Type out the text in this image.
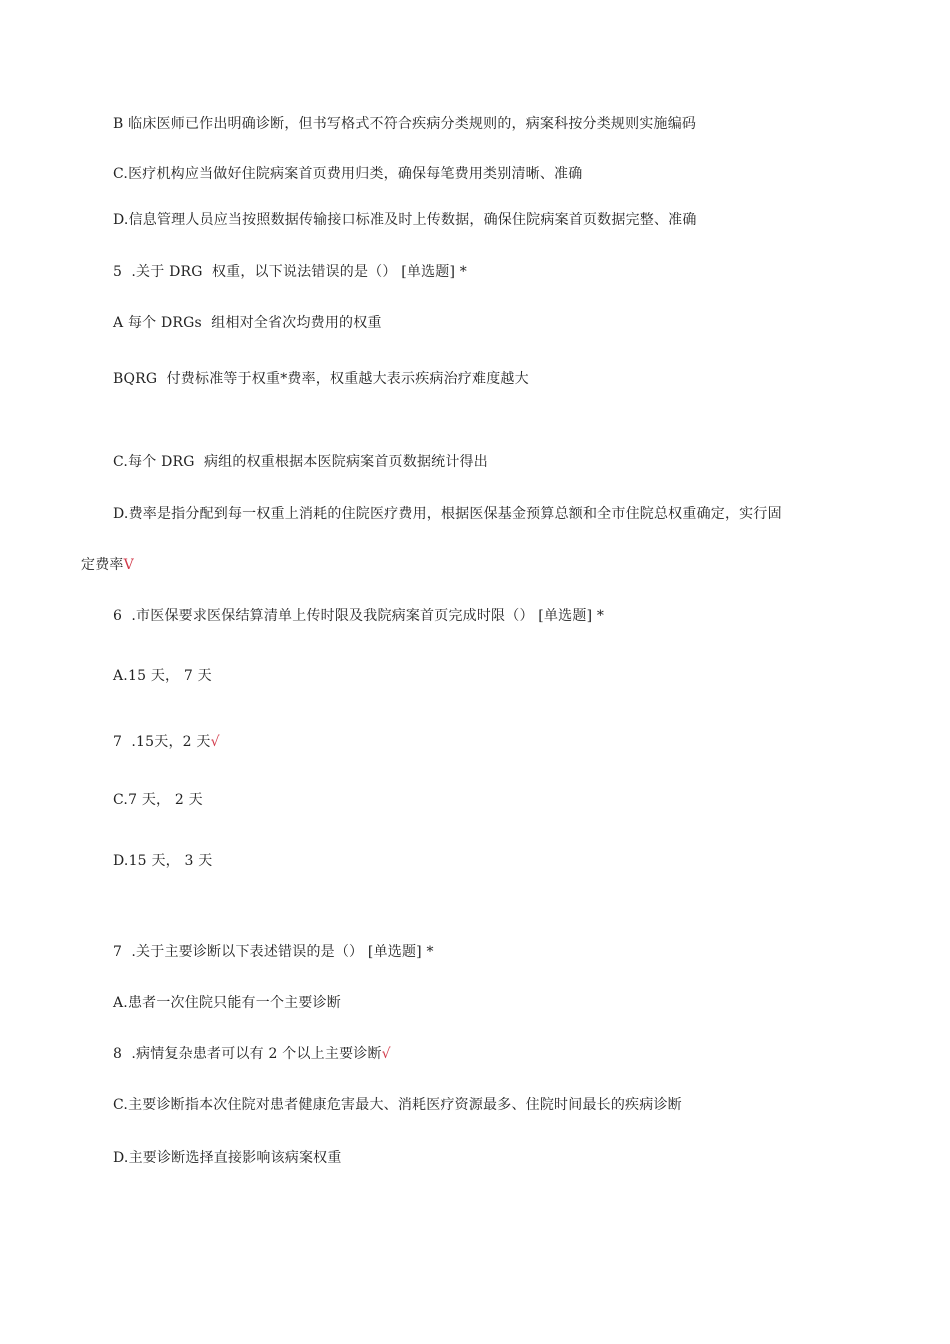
B 临床医师已作出明确诊断，但书写格式不符合疾病分类规则的，病案科按分类规则实施编码
C.医疗机构应当做好住院病案首页费用归类，确保每笔费用类别清晰、准确
D.信息管理人员应当按照数据传输接口标准及时上传数据，确保住院病案首页数据完整、准确
5  .关于 DRG  权重，以下说法错误的是（） [单选题] *
A 每个 DRGs  组相对全省次均费用的权重
BQRG  付费标准等于权重*费率，权重越大表示疾病治疗难度越大
C.每个 DRG  病组的权重根据本医院病案首页数据统计得出
D.费率是指分配到每一权重上消耗的住院医疗费用，根据医保基金预算总额和全市住院总权重确定，实行固
定费率V
6  .市医保要求医保结算清单上传时限及我院病案首页完成时限（） [单选题] *
A.15 天， 7 天
7  .15天，2 天√
C.7 天， 2 天
D.15 天， 3 天
7  .关于主要诊断以下表述错误的是（） [单选题] *
A.患者一次住院只能有一个主要诊断
8  .病情复杂患者可以有 2 个以上主要诊断√
C.主要诊断指本次住院对患者健康危害最大、消耗医疗资源最多、住院时间最长的疾病诊断
D.主要诊断选择直接影响该病案权重
